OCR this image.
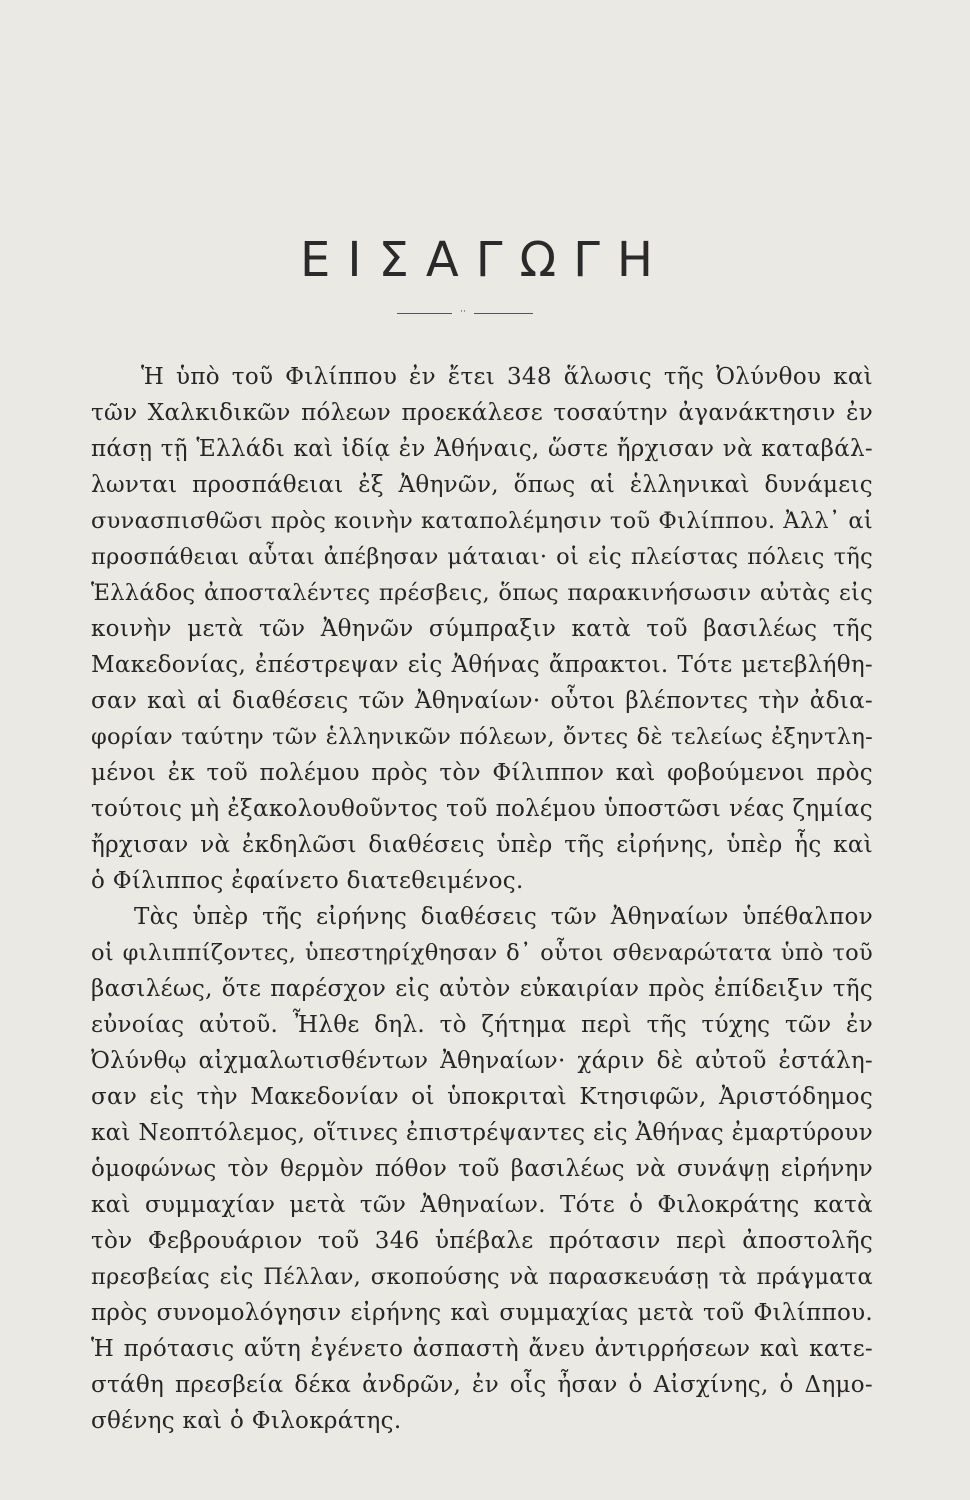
ΕΙΣΑΓΩΓΗ
··
Ἡ ὑπὸ τοῦ Φιλίππου ἐν ἔτει 348 ἅλωσις τῆς Ὀλύνθου καὶ
τῶν Χαλκιδικῶν πόλεων προεκάλεσε τοσαύτην ἀγανάκτησιν ἐν
πάσῃ τῇ Ἑλλάδι καὶ ἰδίᾳ ἐν Ἀθήναις, ὥστε ἤρχισαν νὰ καταβάλ-
λωνται προσπάθειαι ἐξ Ἀθηνῶν, ὅπως αἱ ἑλληνικαὶ δυνάμεις
συνασπισθῶσι πρὸς κοινὴν καταπολέμησιν τοῦ Φιλίππου. Ἀλλ᾽ αἱ
προσπάθειαι αὗται ἀπέβησαν μάταιαι· οἱ εἰς πλείστας πόλεις τῆς
Ἑλλάδος ἀποσταλέντες πρέσβεις, ὅπως παρακινήσωσιν αὐτὰς εἰς
κοινὴν μετὰ τῶν Ἀθηνῶν σύμπραξιν κατὰ τοῦ βασιλέως τῆς
Μακεδονίας, ἐπέστρεψαν εἰς Ἀθήνας ἄπρακτοι. Τότε μετεβλήθη-
σαν καὶ αἱ διαθέσεις τῶν Ἀθηναίων· οὗτοι βλέποντες τὴν ἀδια-
φορίαν ταύτην τῶν ἑλληνικῶν πόλεων, ὄντες δὲ τελείως ἐξηντλη-
μένοι ἐκ τοῦ πολέμου πρὸς τὸν Φίλιππον καὶ φοβούμενοι πρὸς
τούτοις μὴ ἐξακολουθοῦντος τοῦ πολέμου ὑποστῶσι νέας ζημίας
ἤρχισαν νὰ ἐκδηλῶσι διαθέσεις ὑπὲρ τῆς εἰρήνης, ὑπὲρ ἧς καὶ
ὁ Φίλιππος ἐφαίνετο διατεθειμένος.
Τὰς ὑπὲρ τῆς εἰρήνης διαθέσεις τῶν Ἀθηναίων ὑπέθαλπον
οἱ φιλιππίζοντες, ὑπεστηρίχθησαν δ᾽ οὗτοι σθεναρώτατα ὑπὸ τοῦ
βασιλέως, ὅτε παρέσχον εἰς αὐτὸν εὐκαιρίαν πρὸς ἐπίδειξιν τῆς
εὐνοίας αὐτοῦ. Ἦλθε δηλ. τὸ ζήτημα περὶ τῆς τύχης τῶν ἐν
Ὀλύνθῳ αἰχμαλωτισθέντων Ἀθηναίων· χάριν δὲ αὐτοῦ ἐστάλη-
σαν εἰς τὴν Μακεδονίαν οἱ ὑποκριταὶ Κτησιφῶν, Ἀριστόδημος
καὶ Νεοπτόλεμος, οἵτινες ἐπιστρέψαντες εἰς Ἀθήνας ἐμαρτύρουν
ὁμοφώνως τὸν θερμὸν πόθον τοῦ βασιλέως νὰ συνάψῃ εἰρήνην
καὶ συμμαχίαν μετὰ τῶν Ἀθηναίων. Τότε ὁ Φιλοκράτης κατὰ
τὸν Φεβρουάριον τοῦ 346 ὑπέβαλε πρότασιν περὶ ἀποστολῆς
πρεσβείας εἰς Πέλλαν, σκοπούσης νὰ παρασκευάσῃ τὰ πράγματα
πρὸς συνομολόγησιν εἰρήνης καὶ συμμαχίας μετὰ τοῦ Φιλίππου.
Ἡ πρότασις αὕτη ἐγένετο ἀσπαστὴ ἄνευ ἀντιρρήσεων καὶ κατε-
στάθη πρεσβεία δέκα ἀνδρῶν, ἐν οἷς ἦσαν ὁ Αἰσχίνης, ὁ Δημο-
σθένης καὶ ὁ Φιλοκράτης.
